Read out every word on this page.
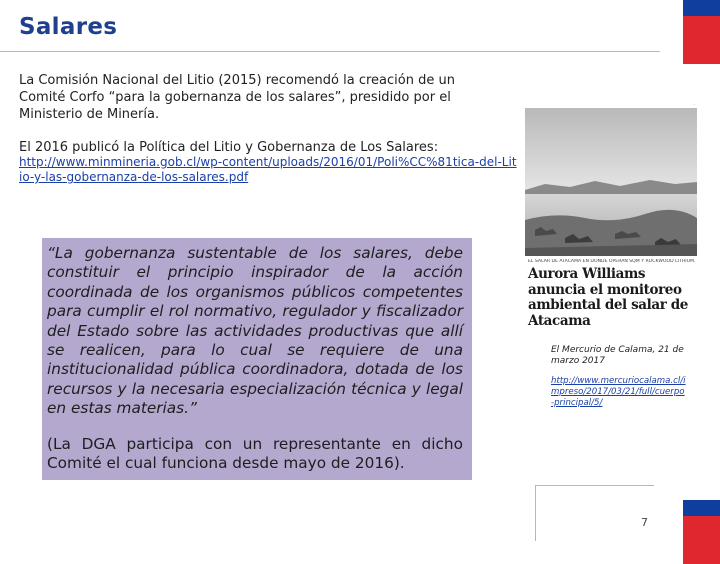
Salares
La Comisión Nacional del Litio (2015) recomendó la creación de un Comité Corfo “para la gobernanza de los salares”, presidido por el Ministerio de Minería.
El 2016 publicó la Política del Litio y Gobernanza de Los Salares:
http://www.minmineria.gob.cl/wp-content/uploads/2016/01/Poli%CC%81tica-del-Litio-y-las-gobernanza-de-los-salares.pdf
“La gobernanza sustentable de los salares, debe constituir el principio inspirador de la acción coordinada de los organismos públicos competentes para cumplir el rol normativo, regulador y fiscalizador del Estado sobre las actividades productivas que allí se realicen, para lo cual se requiere de una institucionalidad pública coordinadora, dotada de los recursos y la necesaria especialización técnica y legal en estas materias.”
(La DGA participa con un representante en dicho Comité el cual funciona desde mayo de 2016).
·
EL SALAR DE ATACAMA EN DONDE OPERAN SQM Y ROCKWOOD LITHIUM.
Aurora Williams anuncia el monitoreo ambiental del salar de Atacama
El Mercurio de Calama, 21 de marzo 2017
http://www.mercuriocalama.cl/impreso/2017/03/21/full/cuerpo-principal/5/
7
